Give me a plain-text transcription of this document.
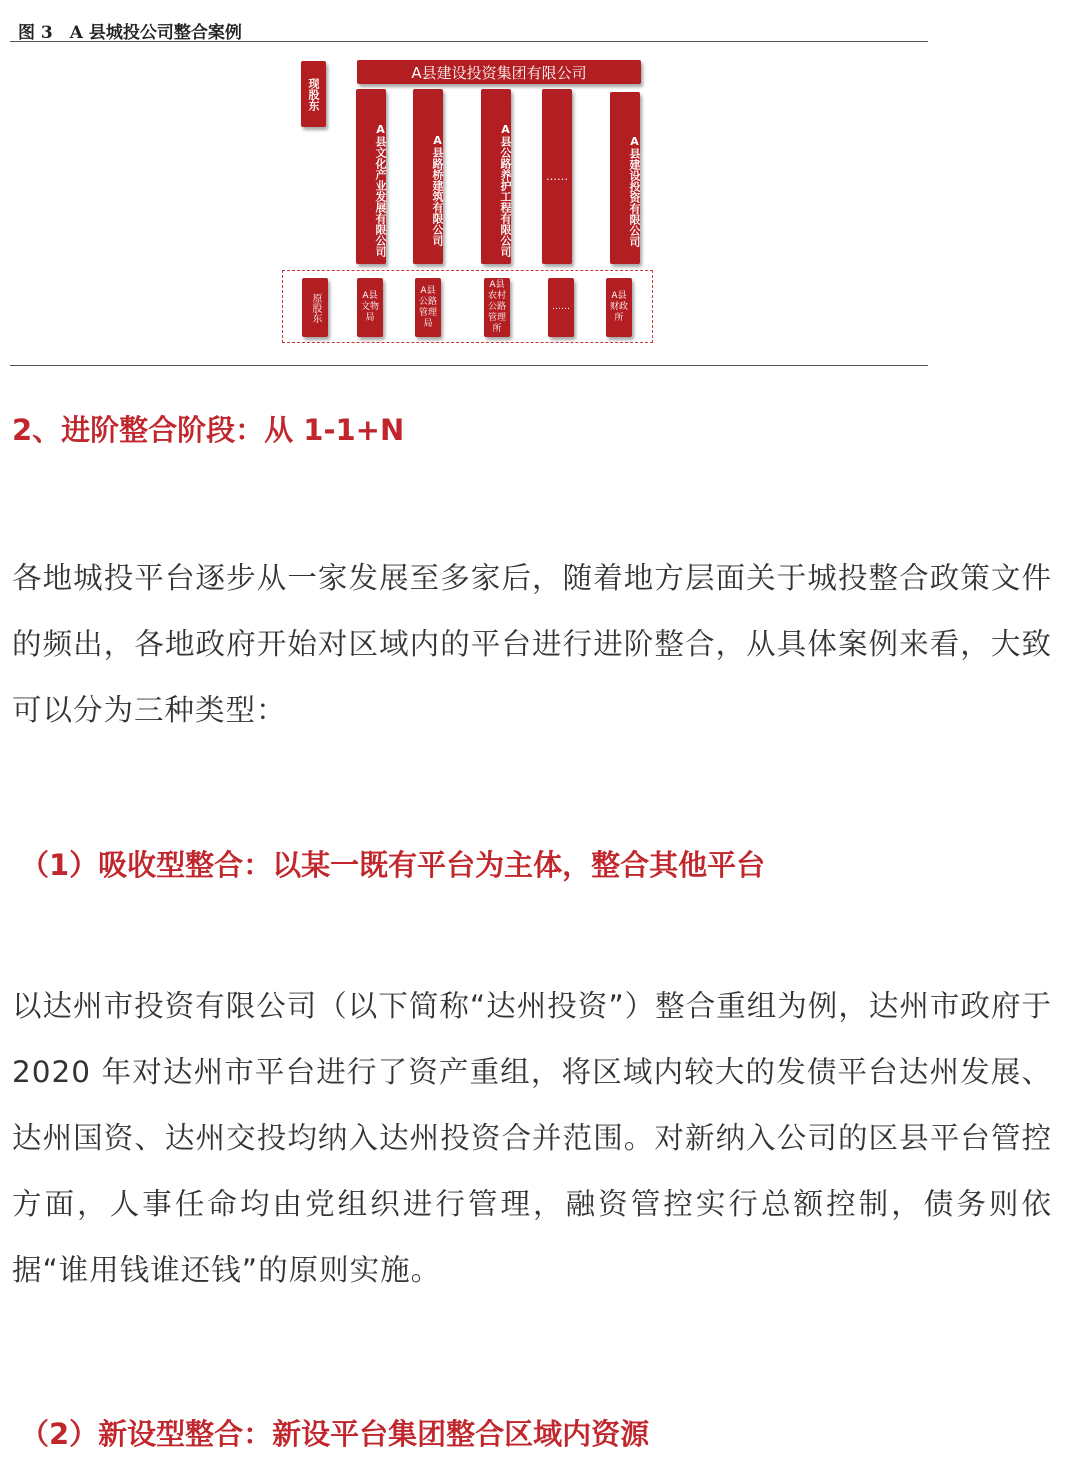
图 3　A 县城投公司整合案例
现股东
A县建设投资集团有限公司
A县文化产业发展有限公司	A县路桥建筑有限公司	A县公路养护工程有限公司	……	A县建设投资有限公司
原股东	A县
文物
局
A县
公路
管理
局
A县
农村
公路
管理
所
……
A县
财政
所
2、进阶整合阶段：从 1-1+N

各地城投平台逐步从一家发展至多家后，随着地方层面关于城投整合政策文件的频出，各地政府开始对区域内的平台进行进阶整合，从具体案例来看，大致可以分为三种类型：

（1）吸收型整合：以某一既有平台为主体，整合其他平台

以达州市投资有限公司（以下简称“达州投资”）整合重组为例，达州市政府于 2020 年对达州市平台进行了资产重组，将区域内较大的发债平台达州发展、达州国资、达州交投均纳入达州投资合并范围。对新纳入公司的区县平台管控方面，人事任命均由党组织进行管理，融资管控实行总额控制，债务则依据“谁用钱谁还钱”的原则实施。

（2）新设型整合：新设平台集团整合区域内资源
